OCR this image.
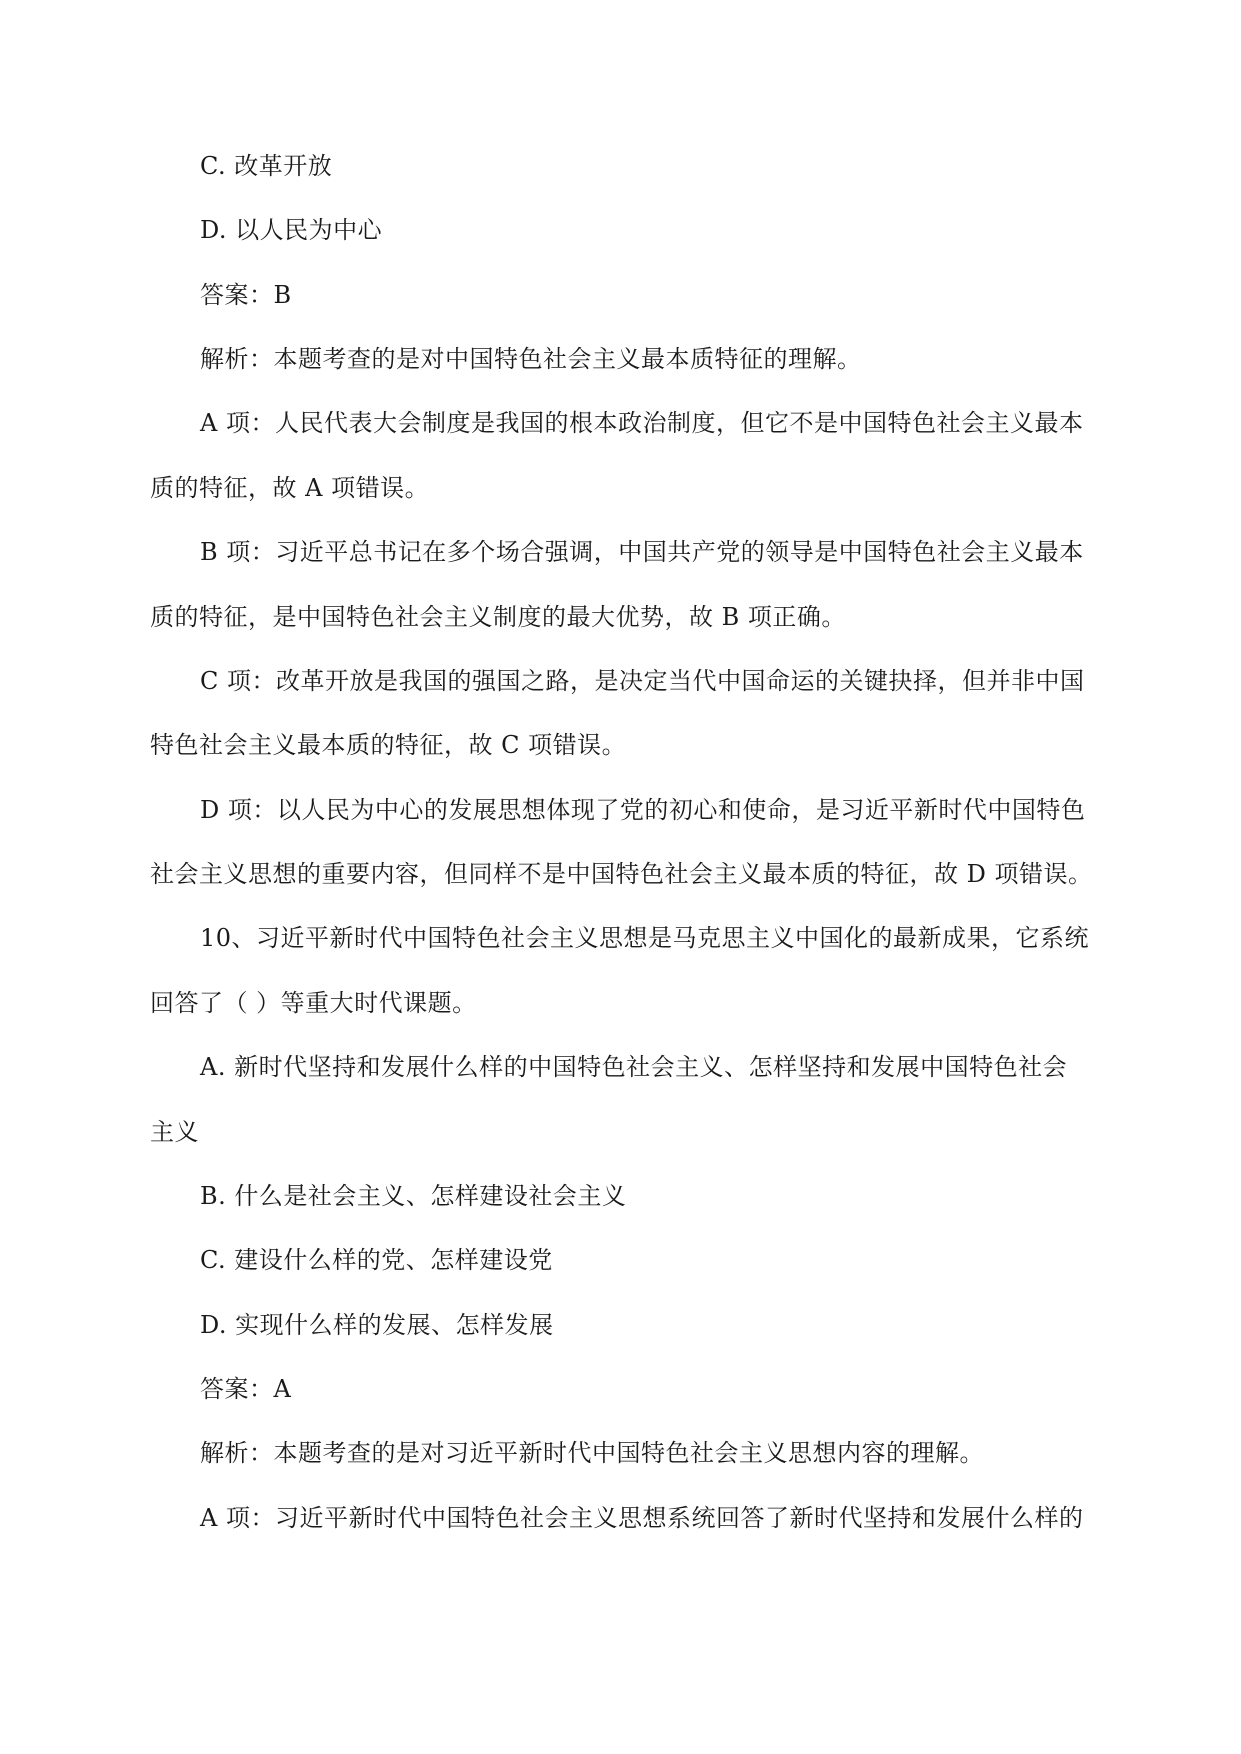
C. 改革开放
D. 以人民为中心
答案：B
解析：本题考查的是对中国特色社会主义最本质特征的理解。
A 项：人民代表大会制度是我国的根本政治制度，但它不是中国特色社会主义最本
质的特征，故 A 项错误。
B 项：习近平总书记在多个场合强调，中国共产党的领导是中国特色社会主义最本
质的特征，是中国特色社会主义制度的最大优势，故 B 项正确。
C 项：改革开放是我国的强国之路，是决定当代中国命运的关键抉择，但并非中国
特色社会主义最本质的特征，故 C 项错误。
D 项：以人民为中心的发展思想体现了党的初心和使命，是习近平新时代中国特色
社会主义思想的重要内容，但同样不是中国特色社会主义最本质的特征，故 D 项错误。
10、习近平新时代中国特色社会主义思想是马克思主义中国化的最新成果，它系统
回答了（ ）等重大时代课题。
A. 新时代坚持和发展什么样的中国特色社会主义、怎样坚持和发展中国特色社会
主义
B. 什么是社会主义、怎样建设社会主义
C. 建设什么样的党、怎样建设党
D. 实现什么样的发展、怎样发展
答案：A
解析：本题考查的是对习近平新时代中国特色社会主义思想内容的理解。
A 项：习近平新时代中国特色社会主义思想系统回答了新时代坚持和发展什么样的
